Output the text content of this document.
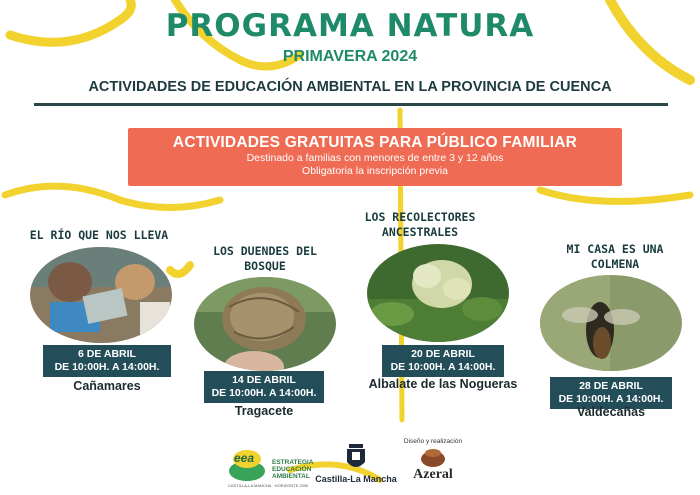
PROGRAMA NATURA
PRIMAVERA 2024
ACTIVIDADES DE EDUCACIÓN AMBIENTAL EN LA PROVINCIA DE CUENCA
ACTIVIDADES GRATUITAS PARA PÚBLICO FAMILIAR
Destinado a familias con menores de entre 3 y 12 años
Obligatoria la inscripción previa
EL RÍO QUE NOS LLEVA
6 DE ABRIL
DE 10:00H. A 14:00H.
Cañamares
LOS DUENDES DEL
BOSQUE
14 DE ABRIL
DE 10:00H. A 14:00H.
Tragacete
LOS RECOLECTORES
ANCESTRALES
20 DE ABRIL
DE 10:00H. A 14:00H.
Albalate de las Nogueras
MI CASA ES UNA
COLMENA
28 DE ABRIL
DE 10:00H. A 14:00H.
Valdecañas
eea	ESTRATEGIA
EDUCACIÓN
AMBIENTAL
CASTILLA-LA MANCHA · HORIZONTE 2030
Castilla-La Mancha
Diseño y realización
Azeral
